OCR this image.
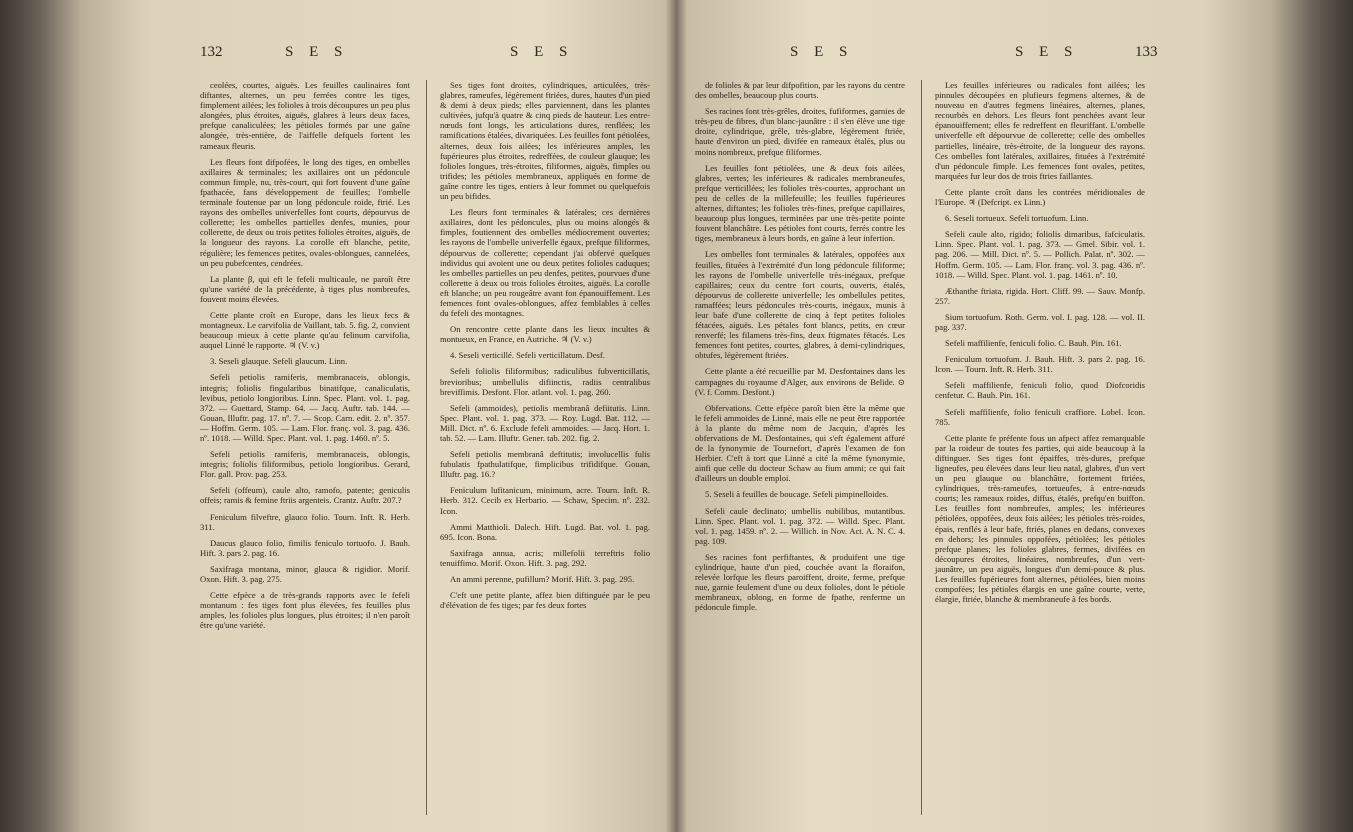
132	S E S	S E S

ceolées, courtes, aiguës. Les feuilles caulinaires font diftantes, alternes, un peu ferrées contre les tiges, fimplement ailées; les folioles à trois découpures un peu plus alongées, plus étroites, aiguës, glabres à leurs deux faces, prefque canaliculées; les pétioles formés par une gaîne alongée, très-entière, de l'aiffelle defquels fortent les rameaux fleuris.

Les fleurs font difpofées, le long des tiges, en ombelles axillaires & terminales; les axillaires ont un pédoncule commun fimple, nu, très-court, qui fort fouvent d'une gaîne fpathacée, fans développement de feuilles; l'ombelle terminale foutenue par un long pédoncule roide, ftrié. Les rayons des ombelles univerfelles font courts, dépourvus de collerette; les ombelles partielles denfes, munies, pour collerette, de deux ou trois petites folioles étroites, aiguës, de la longueur des rayons. La corolle eft blanche, petite, régulière; les femences petites, ovales-oblongues, cannelées, un peu pubefcentes, cendrées.

La plante β, qui eft le fefeli multicaule, ne paroît être qu'une variété de la précédente, à tiges plus nombreufes, fouvent moins élevées.

Cette plante croît en Europe, dans les lieux fecs & montagneux. Le carvifolia de Vaillant, tab. 5. fig. 2, convient beaucoup mieux à cette plante qu'au felinum carvifolia, auquel Linné le rapporte. ♃ (V. v.)

3. Seseli glauque. Sefeli glaucum. Linn.

Sefeli petiolis ramiferis, membranaceis, oblongis, integris; foliolis fingularibus binatifque, canaliculatis, levibus, petiolo longioribus. Linn. Spec. Plant. vol. 1. pag. 372. — Guettard, Stamp. 64. — Jacq. Auftr. tab. 144. — Gouan, Illuftr. pag. 17. nº. 7. — Scop. Carn. edit. 2. nº. 357. — Hoffm. Germ. 105. — Lam. Flor. franç. vol. 3. pag. 436. nº. 1018. — Willd. Spec. Plant. vol. 1. pag. 1460. nº. 5.

Sefeli petiolis ramiferis, membranaceis, oblongis, integris; foliolis filiformibus, petiolo longioribus. Gerard, Flor. gall. Prov. pag. 253.

Sefeli (offeum), caule alto, ramofo, patente; geniculis offeis; ramis & femine ftriis argenteis. Crantz. Auftr. 207.?

Feniculum filveftre, glauco folio. Tourn. Inft. R. Herb. 311.

Daucus glauco folio, fimilis feniculo tortuofo. J. Bauh. Hift. 3. pars 2. pag. 16.

Saxifraga montana, minor, glauca & rigidior. Morif. Oxon. Hift. 3. pag. 275.

Cette efpèce a de très-grands rapports avec le fefeli montanum : fes tiges font plus élevées, fes feuilles plus amples, les folioles plus longues, plus étroites; il n'en paroît être qu'une variété.

Ses tiges font droites, cylindriques, articulées, très-glabres, rameufes, légèrement ftriées, dures, hautes d'un pied & demi à deux pieds; elles parviennent, dans les plantes cultivées, jufqu'à quatre & cinq pieds de hauteur. Les entre-nœuds font longs, les articulations dures, renflées; les ramifications étalées, divariquées. Les feuilles font pétiolées, alternes, deux fois ailées; les inférieures amples, les fupérieures plus étroites, redreffées, de couleur glauque; les folioles longues, très-étroites, filiformes, aiguës, fimples ou trifides; les pétioles membraneux, appliqués en forme de gaîne contre les tiges, entiers à leur fommet ou quelquefois un peu bifides.

Les fleurs font terminales & latérales; ces dernières axillaires, dont les pédoncules, plus ou moins alongés & fimples, foutiennent des ombelles médiocrement ouvertes; les rayons de l'ombelle univerfelle égaux, prefque filiformes, dépourvus de collerette; cependant j'ai obfervé quelques individus qui avoient une ou deux petites folioles caduques; les ombelles partielles un peu denfes, petites, pourvues d'une collerette à deux ou trois folioles étroites, aiguës. La corolle eft blanche; un peu rougeâtre avant fon épanouiffement. Les femences font ovales-oblongues, affez femblables à celles du fefeli des montagnes.

On rencontre cette plante dans les lieux incultes & montueux, en France, en Autriche. ♃ (V. v.)

4. Seseli verticillé. Sefeli verticillatum. Desf.

Sefeli foliolis filiformibus; radiculibus fubverticillatis, brevioribus; umbellulis difiinctis, radiis centralibus brevifſimis. Desfont. Flor. atlant. vol. 1. pag. 260.

Sefeli (ammoides), petiolis membranâ defiitutis. Linn. Spec. Plant. vol. 1. pag. 373. — Roy. Lugd. Bat. 112. — Mill. Dict. nº. 6. Exclude fefeli ammoides. — Jacq. Hort. 1. tab. 52. — Lam. Illuftr. Gener. tab. 202. fig. 2.

Sefeli petiolis membranâ deftitutis; involucellis fulis fubulatis fpathulatifque, fimplicibus trifidifque. Gouan, Illuftr. pag. 16.?

Feniculum lufitanicum, minimum, acre. Tourn. Inft. R. Herb. 312. Cecib ex Herbario. — Schaw, Specim. nº. 232. Icon.

Ammi Matthioli. Dalech. Hift. Lugd. Bat. vol. 1. pag. 695. Icon. Bona.

Saxifraga annua, acris; millefolii terreftris folio tenuiffimo. Morif. Oxon. Hift. 3. pag. 292.

An ammi perenne, pufillum? Morif. Hift. 3. pag. 295.

C'eft une petite plante, affez bien diftinguée par le peu d'élévation de fes tiges; par fes deux fortes

S E S	S E S	133

de folioles & par leur difpofition, par les rayons du centre des ombelles, beaucoup plus courts.

Ses racines font très-grêles, droites, fufiformes, garnies de très-peu de fibres, d'un blanc-jaunâtre : il s'en élève une tige droite, cylindrique, grêle, très-glabre, légèrement ftriée, haute d'environ un pied, divifée en rameaux étalés, plus ou moins nombreux, prefque filiformes.

Les feuilles font pétiolées, une & deux fois ailées, glabres, vertes; les inférieures & radicales membraneufes, prefque verticillées; les folioles très-courtes, approchant un peu de celles de la millefeuille; les feuilles fupérieures alternes, diftantes; les folioles très-fines, prefque capillaires, beaucoup plus longues, terminées par une très-petite pointe fouvent blanchâtre. Les pétioles font courts, ferrés contre les tiges, membraneux à leurs bords, en gaîne à leur infertion.

Les ombelles font terminales & latérales, oppofées aux feuilles, fituées à l'extrémité d'un long pédoncule filiforme; les rayons de l'ombelle univerfelle très-inégaux, prefque capillaires; ceux du centre fort courts, ouverts, étalés, dépourvus de collerette univerfelle; les ombellules petites, ramaffées; leurs pédoncules très-courts, inégaux, munis à leur bafe d'une collerette de cinq à fept petites folioles fétacées, aiguës. Les pétales font blancs, petits, en cœur renverfé; les filamens très-fins, deux ftigmates fétacés. Les femences font petites, courtes, glabres, à demi-cylindriques, obtufes, légèrement ftriées.

Cette plante a été recueillie par M. Desfontaines dans les campagnes du royaume d'Alger, aux environs de Belide. ⊙ (V. f. Comm. Desfont.)

Obfervations. Cette efpèce paroît bien être la même que le fefeli ammoides de Linné, mais elle ne peut être rapportée à la plante du même nom de Jacquin, d'après les obfervations de M. Desfontaines, qui s'eft également affuré de la fynonymie de Tournefort, d'après l'examen de fon Herbier. C'eft à tort que Linné a cité la même fynonymie, ainfi que celle du docteur Schaw au fium ammi; ce qui fait d'ailleurs un double emploi.

5. Seseli à feuilles de boucage. Sefeli pimpinelloides.

Sefeli caule declinato; umbellis nubilibus, mutantibus. Linn. Spec. Plant. vol. 1. pag. 372. — Willd. Spec. Plant. vol. 1. pag. 1459. nº. 2. — Willich. in Nov. Act. A. N. C. 4. pag. 109.

Ses racines font perfiftantes, & produifent une tige cylindrique, haute d'un pied, couchée avant la floraifon, relevée lorfque les fleurs paroiffent, droite, ferme, prefque nue, garnie feulement d'une ou deux folioles, dont le pétiole membraneux, oblong, en forme de fpathe, renferme un pédoncule fimple.

Les feuilles inférieures ou radicales font ailées; les pinnules découpées en plufieurs fegmens alternes, & de nouveau en d'autres fegmens linéaires, alternes, planes, recourbés en dehors. Les fleurs font penchées avant leur épanouiffement; elles fe redreffent en fleuriffant. L'ombelle univerfelle eft dépourvue de collerette; celle des ombelles partielles, linéaire, très-étroite, de la longueur des rayons. Ces ombelles font latérales, axillaires, fituées à l'extrémité d'un pédoncule fimple. Les femences font ovales, petites, marquées fur leur dos de trois ftries faillantes.

Cette plante croît dans les contrées méridionales de l'Europe. ♃ (Defcript. ex Linn.)

6. Seseli tortueux. Sefeli tortuofum. Linn.

Sefeli caule alto, rigido; foliolis dimaribus, fafciculatis. Linn. Spec. Plant. vol. 1. pag. 373. — Gmel. Sibir. vol. 1. pag. 206. — Mill. Dict. nº. 5. — Pollich. Palat. nº. 302. — Hoffm. Germ. 105. — Lam. Flor. franç. vol. 3. pag. 436. nº. 1018. — Willd. Spec. Plant. vol. 1. pag. 1461. nº. 10.

Æthanthe ftriata, rigida. Hort. Cliff. 99. — Sauv. Monfp. 257.

Sium tortuofum. Roth. Germ. vol. I. pag. 128. — vol. II. pag. 337.

Sefeli maffilienfe, feniculi folio. C. Bauh. Pin. 161.

Feniculum tortuofum. J. Bauh. Hift. 3. pars 2. pag. 16. Icon. — Tourn. Inft. R. Herb. 311.

Sefeli maffilienfe, feniculi folio, quod Diofcoridis cenfetur. C. Bauh. Pin. 161.

Sefeli maffilienfe, folio feniculi craffiore. Lobel. Icon. 785.

Cette plante fe préfente fous un afpect affez remarquable par la roideur de toutes fes parties, qui aide beaucoup à la diftinguer. Ses tiges font épaiffes, très-dures, prefque ligneufes, peu élevées dans leur lieu natal, glabres, d'un vert un peu glauque ou blanchâtre, fortement ftriées, cylindriques, très-rameufes, tortueufes, à entre-nœuds courts; les rameaux roides, diffus, étalés, prefqu'en buiffon. Les feuilles font nombreufes, amples; les inférieures pétiolées, oppofées, deux fois ailées; les pétioles très-roides, épais, renflés à leur bafe, ftriés, planes en dedans, convexes en dehors; les pinnules oppofées, pétiolées; les pétioles prefque planes; les folioles glabres, fermes, divifées en découpures étroites, linéaires, nombreufes, d'un vert-jaunâtre, un peu aiguës, longues d'un demi-pouce & plus. Les feuilles fupérieures font alternes, pétiolées, bien moins compofées; les pétioles élargis en une gaîne courte, verte, élargie, ftriée, blanche & membraneufe à fes bords.
